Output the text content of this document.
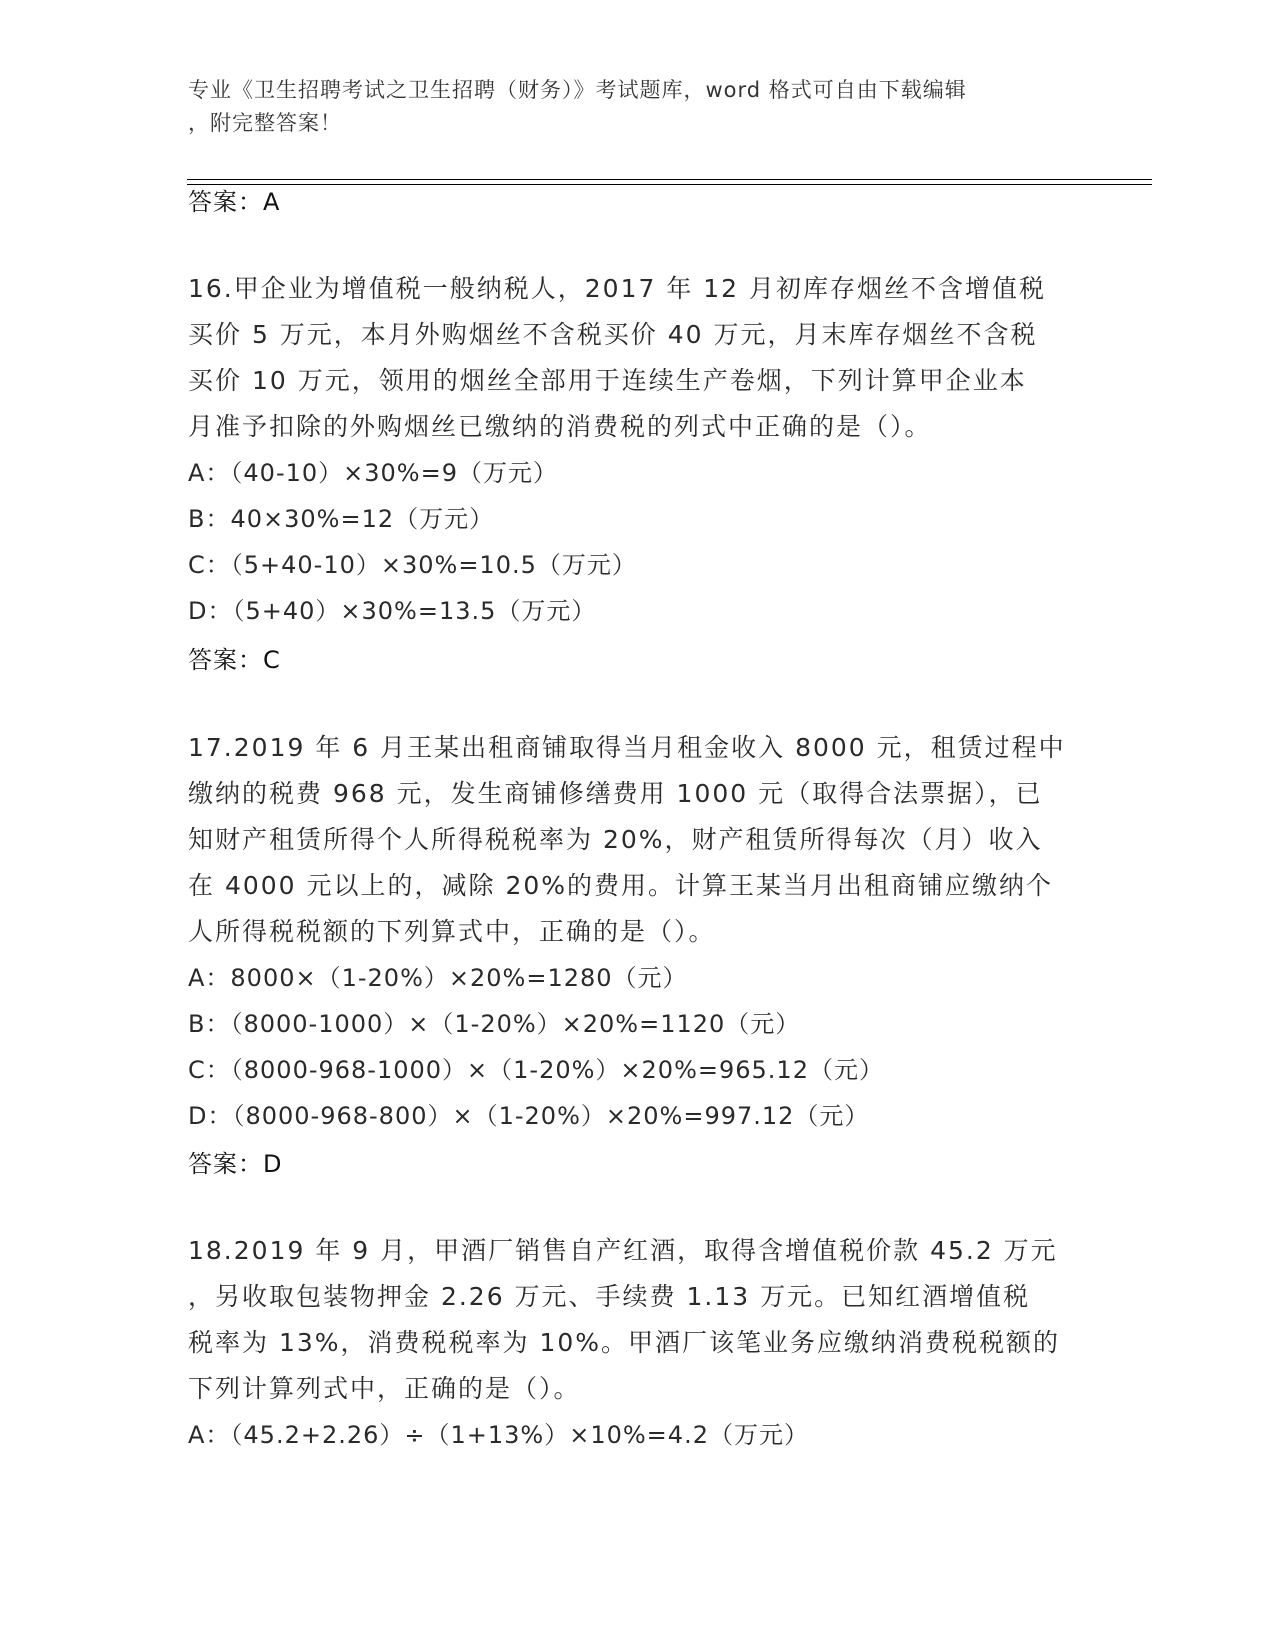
专业《卫生招聘考试之卫生招聘（财务）》考试题库，word 格式可自由下载编辑
，附完整答案！
答案：A
16.甲企业为增值税一般纳税人，2017 年 12 月初库存烟丝不含增值税
买价 5 万元，本月外购烟丝不含税买价 40 万元，月末库存烟丝不含税
买价 10 万元，领用的烟丝全部用于连续生产卷烟，下列计算甲企业本
月准予扣除的外购烟丝已缴纳的消费税的列式中正确的是（）。
A：（40-10）×30%=9（万元）
B：40×30%=12（万元）
C：（5+40-10）×30%=10.5（万元）
D：（5+40）×30%=13.5（万元）
答案：C
17.2019 年 6 月王某出租商铺取得当月租金收入 8000 元，租赁过程中
缴纳的税费 968 元，发生商铺修缮费用 1000 元（取得合法票据），已
知财产租赁所得个人所得税税率为 20%，财产租赁所得每次（月）收入
在 4000 元以上的，减除 20%的费用。计算王某当月出租商铺应缴纳个
人所得税税额的下列算式中，正确的是（）。
A：8000×（1-20%）×20%=1280（元）
B：（8000-1000）×（1-20%）×20%=1120（元）
C：（8000-968-1000）×（1-20%）×20%=965.12（元）
D：（8000-968-800）×（1-20%）×20%=997.12（元）
答案：D
18.2019 年 9 月，甲酒厂销售自产红酒，取得含增值税价款 45.2 万元
，另收取包装物押金 2.26 万元、手续费 1.13 万元。已知红酒增值税
税率为 13%，消费税税率为 10%。甲酒厂该笔业务应缴纳消费税税额的
下列计算列式中，正确的是（）。
A：（45.2+2.26）÷（1+13%）×10%=4.2（万元）
